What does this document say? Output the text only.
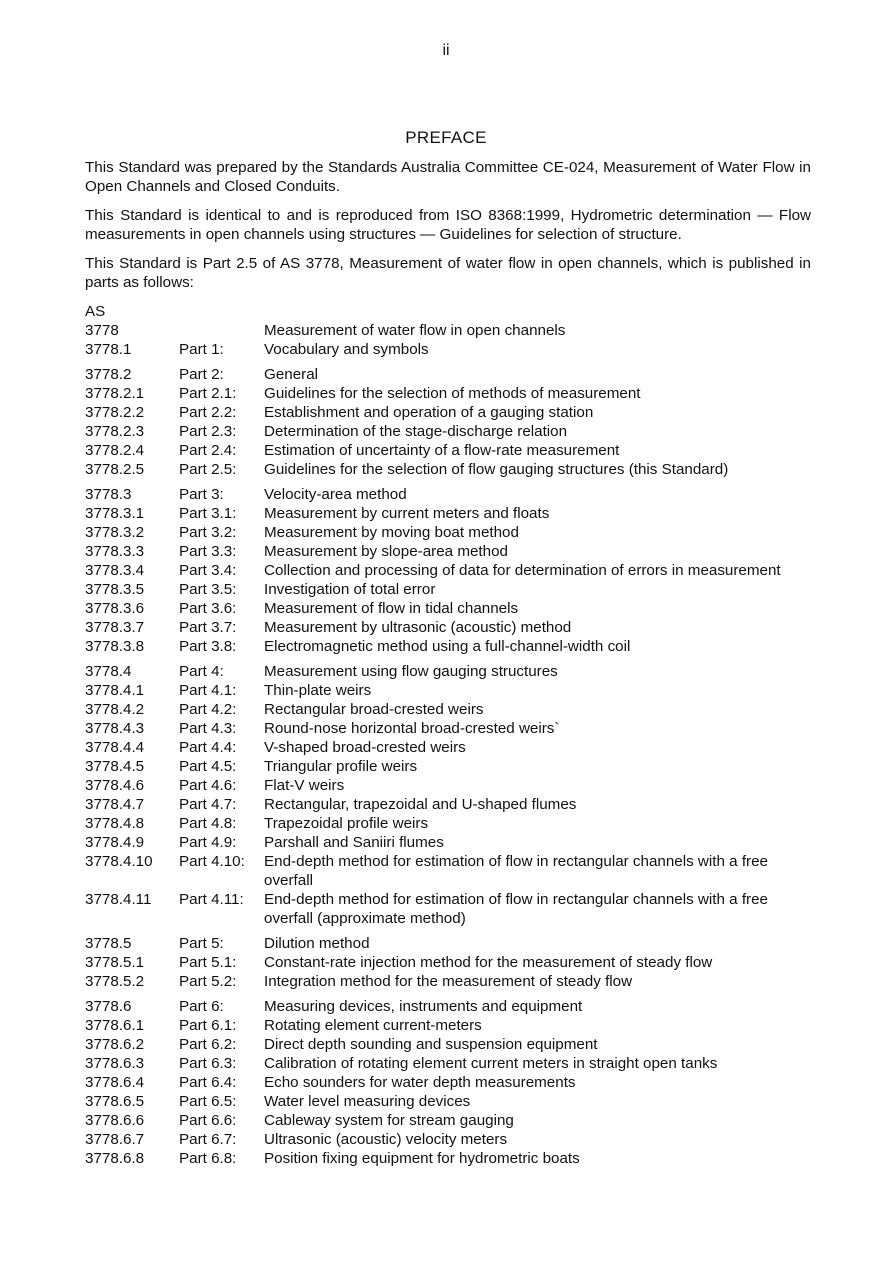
ii
PREFACE

This Standard was prepared by the Standards Australia Committee CE-024, Measurement of Water Flow in Open Channels and Closed Conduits.

This Standard is identical to and is reproduced from ISO 8368:1999, Hydrometric determination — Flow measurements in open channels using structures — Guidelines for selection of structure.

This Standard is Part 2.5 of AS 3778, Measurement of water flow in open channels, which is published in parts as follows:

AS
3778		Measurement of water flow in open channels
3778.1	Part 1:	Vocabulary and symbols
3778.2	Part 2:	General
3778.2.1	Part 2.1:	Guidelines for the selection of methods of measurement
3778.2.2	Part 2.2:	Establishment and operation of a gauging station
3778.2.3	Part 2.3:	Determination of the stage-discharge relation
3778.2.4	Part 2.4:	Estimation of uncertainty of a flow-rate measurement
3778.2.5	Part 2.5:	Guidelines for the selection of flow gauging structures (this Standard)
3778.3	Part 3:	Velocity-area method
3778.3.1	Part 3.1:	Measurement by current meters and floats
3778.3.2	Part 3.2:	Measurement by moving boat method
3778.3.3	Part 3.3:	Measurement by slope-area method
3778.3.4	Part 3.4:	Collection and processing of data for determination of errors in measurement
3778.3.5	Part 3.5:	Investigation of total error
3778.3.6	Part 3.6:	Measurement of flow in tidal channels
3778.3.7	Part 3.7:	Measurement by ultrasonic (acoustic) method
3778.3.8	Part 3.8:	Electromagnetic method using a full-channel-width coil
3778.4	Part 4:	Measurement using flow gauging structures
3778.4.1	Part 4.1:	Thin-plate weirs
3778.4.2	Part 4.2:	Rectangular broad-crested weirs
3778.4.3	Part 4.3:	Round-nose horizontal broad-crested weirs`
3778.4.4	Part 4.4:	V-shaped broad-crested weirs
3778.4.5	Part 4.5:	Triangular profile weirs
3778.4.6	Part 4.6:	Flat-V weirs
3778.4.7	Part 4.7:	Rectangular, trapezoidal and U-shaped flumes
3778.4.8	Part 4.8:	Trapezoidal profile weirs
3778.4.9	Part 4.9:	Parshall and Saniiri flumes
3778.4.10	Part 4.10:	End-depth method for estimation of flow in rectangular channels with a free overfall
3778.4.11	Part 4.11:	End-depth method for estimation of flow in rectangular channels with a free overfall (approximate method)
3778.5	Part 5:	Dilution method
3778.5.1	Part 5.1:	Constant-rate injection method for the measurement of steady flow
3778.5.2	Part 5.2:	Integration method for the measurement of steady flow
3778.6	Part 6:	Measuring devices, instruments and equipment
3778.6.1	Part 6.1:	Rotating element current-meters
3778.6.2	Part 6.2:	Direct depth sounding and suspension equipment
3778.6.3	Part 6.3:	Calibration of rotating element current meters in straight open tanks
3778.6.4	Part 6.4:	Echo sounders for water depth measurements
3778.6.5	Part 6.5:	Water level measuring devices
3778.6.6	Part 6.6:	Cableway system for stream gauging
3778.6.7	Part 6.7:	Ultrasonic (acoustic) velocity meters
3778.6.8	Part 6.8:	Position fixing equipment for hydrometric boats
